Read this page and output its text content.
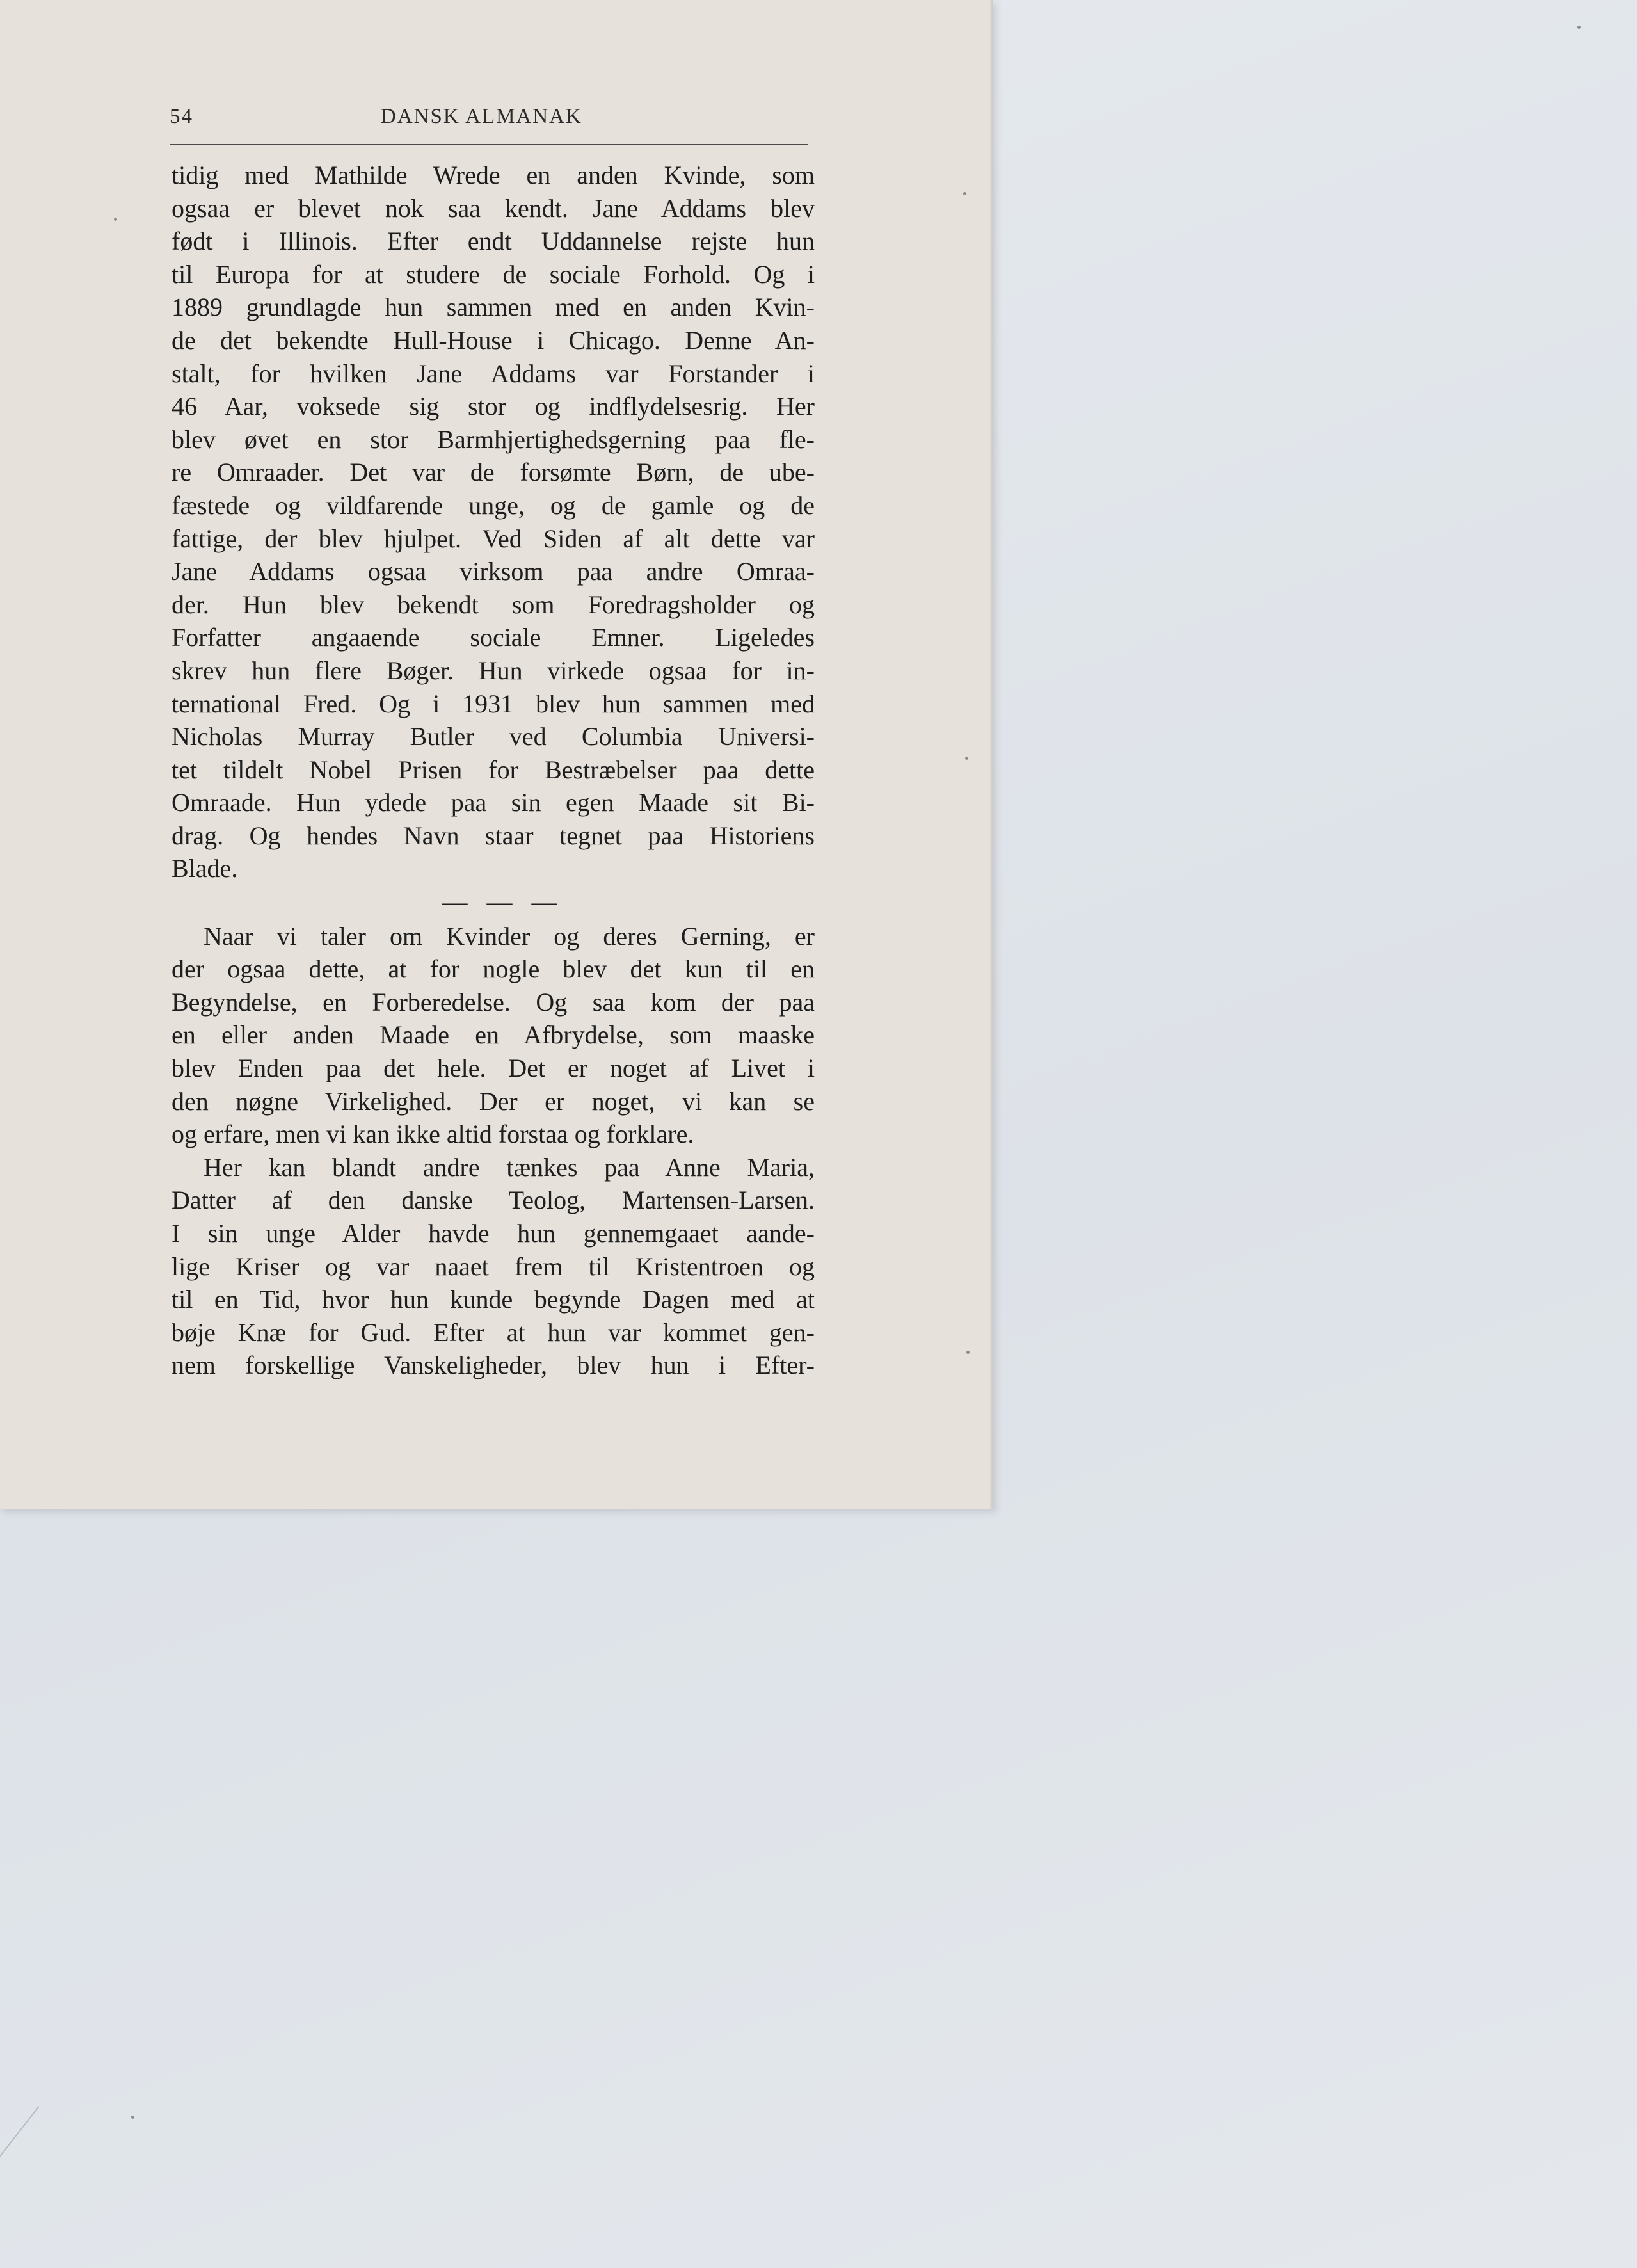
54	DANSK ALMANAK
tidig med Mathilde Wrede en anden Kvinde, som
ogsaa er blevet nok saa kendt. Jane Addams blev
født i Illinois. Efter endt Uddannelse rejste hun
til Europa for at studere de sociale Forhold. Og i
1889 grundlagde hun sammen med en anden Kvin-
de det bekendte Hull-House i Chicago. Denne An-
stalt, for hvilken Jane Addams var Forstander i
46 Aar, voksede sig stor og indflydelsesrig. Her
blev øvet en stor Barmhjertighedsgerning paa fle-
re Omraader. Det var de forsømte Børn, de ube-
fæstede og vildfarende unge, og de gamle og de
fattige, der blev hjulpet. Ved Siden af alt dette var
Jane Addams ogsaa virksom paa andre Omraa-
der. Hun blev bekendt som Foredragsholder og
Forfatter angaaende sociale Emner. Ligeledes
skrev hun flere Bøger. Hun virkede ogsaa for in-
ternational Fred. Og i 1931 blev hun sammen med
Nicholas Murray Butler ved Columbia Universi-
tet tildelt Nobel Prisen for Bestræbelser paa dette
Omraade. Hun ydede paa sin egen Maade sit Bi-
drag. Og hendes Navn staar tegnet paa Historiens
Blade.
— — —
Naar vi taler om Kvinder og deres Gerning, er
der ogsaa dette, at for nogle blev det kun til en
Begyndelse, en Forberedelse. Og saa kom der paa
en eller anden Maade en Afbrydelse, som maaske
blev Enden paa det hele. Det er noget af Livet i
den nøgne Virkelighed. Der er noget, vi kan se
og erfare, men vi kan ikke altid forstaa og forklare.
Her kan blandt andre tænkes paa Anne Maria,
Datter af den danske Teolog, Martensen-Larsen.
I sin unge Alder havde hun gennemgaaet aande-
lige Kriser og var naaet frem til Kristentroen og
til en Tid, hvor hun kunde begynde Dagen med at
bøje Knæ for Gud. Efter at hun var kommet gen-
nem forskellige Vanskeligheder, blev hun i Efter-
